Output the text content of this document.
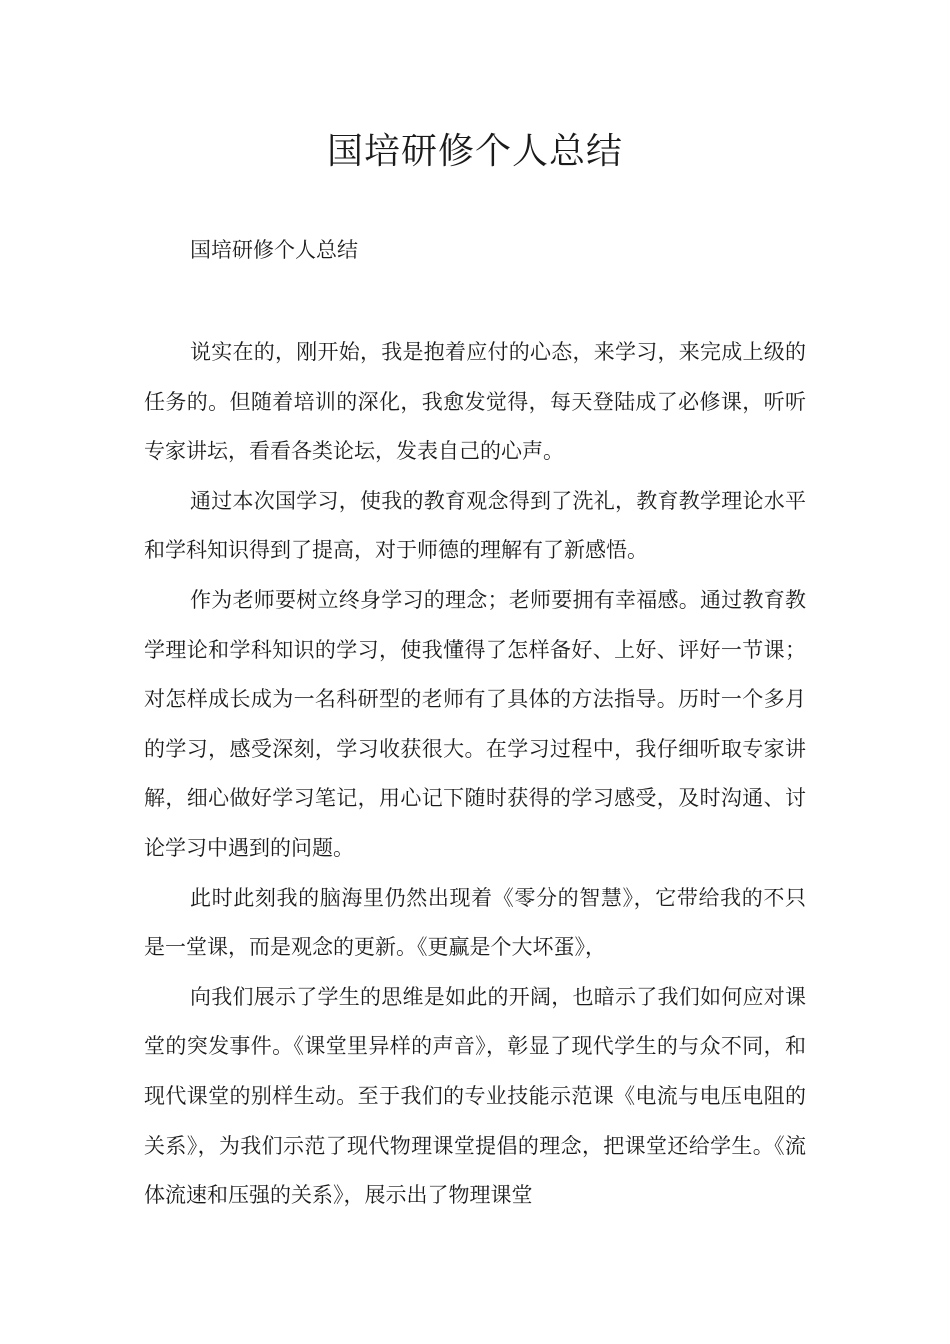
国培研修个人总结

国培研修个人总结

说实在的，刚开始，我是抱着应付的心态，来学习，来完成上级的任务的。但随着培训的深化，我愈发觉得，每天登陆成了必修课，听听专家讲坛，看看各类论坛，发表自己的心声。

通过本次国学习，使我的教育观念得到了洗礼，教育教学理论水平和学科知识得到了提高，对于师德的理解有了新感悟。

作为老师要树立终身学习的理念；老师要拥有幸福感。通过教育教学理论和学科知识的学习，使我懂得了怎样备好、上好、评好一节课；对怎样成长成为一名科研型的老师有了具体的方法指导。历时一个多月的学习，感受深刻，学习收获很大。在学习过程中，我仔细听取专家讲解，细心做好学习笔记，用心记下随时获得的学习感受，及时沟通、讨论学习中遇到的问题。

此时此刻我的脑海里仍然出现着《零分的智慧》，它带给我的不只是一堂课，而是观念的更新。《更赢是个大坏蛋》，

向我们展示了学生的思维是如此的开阔，也暗示了我们如何应对课堂的突发事件。《课堂里异样的声音》，彰显了现代学生的与众不同，和现代课堂的别样生动。至于我们的专业技能示范课《电流与电压电阻的关系》，为我们示范了现代物理课堂提倡的理念，把课堂还给学生。《流体流速和压强的关系》，展示出了物理课堂
